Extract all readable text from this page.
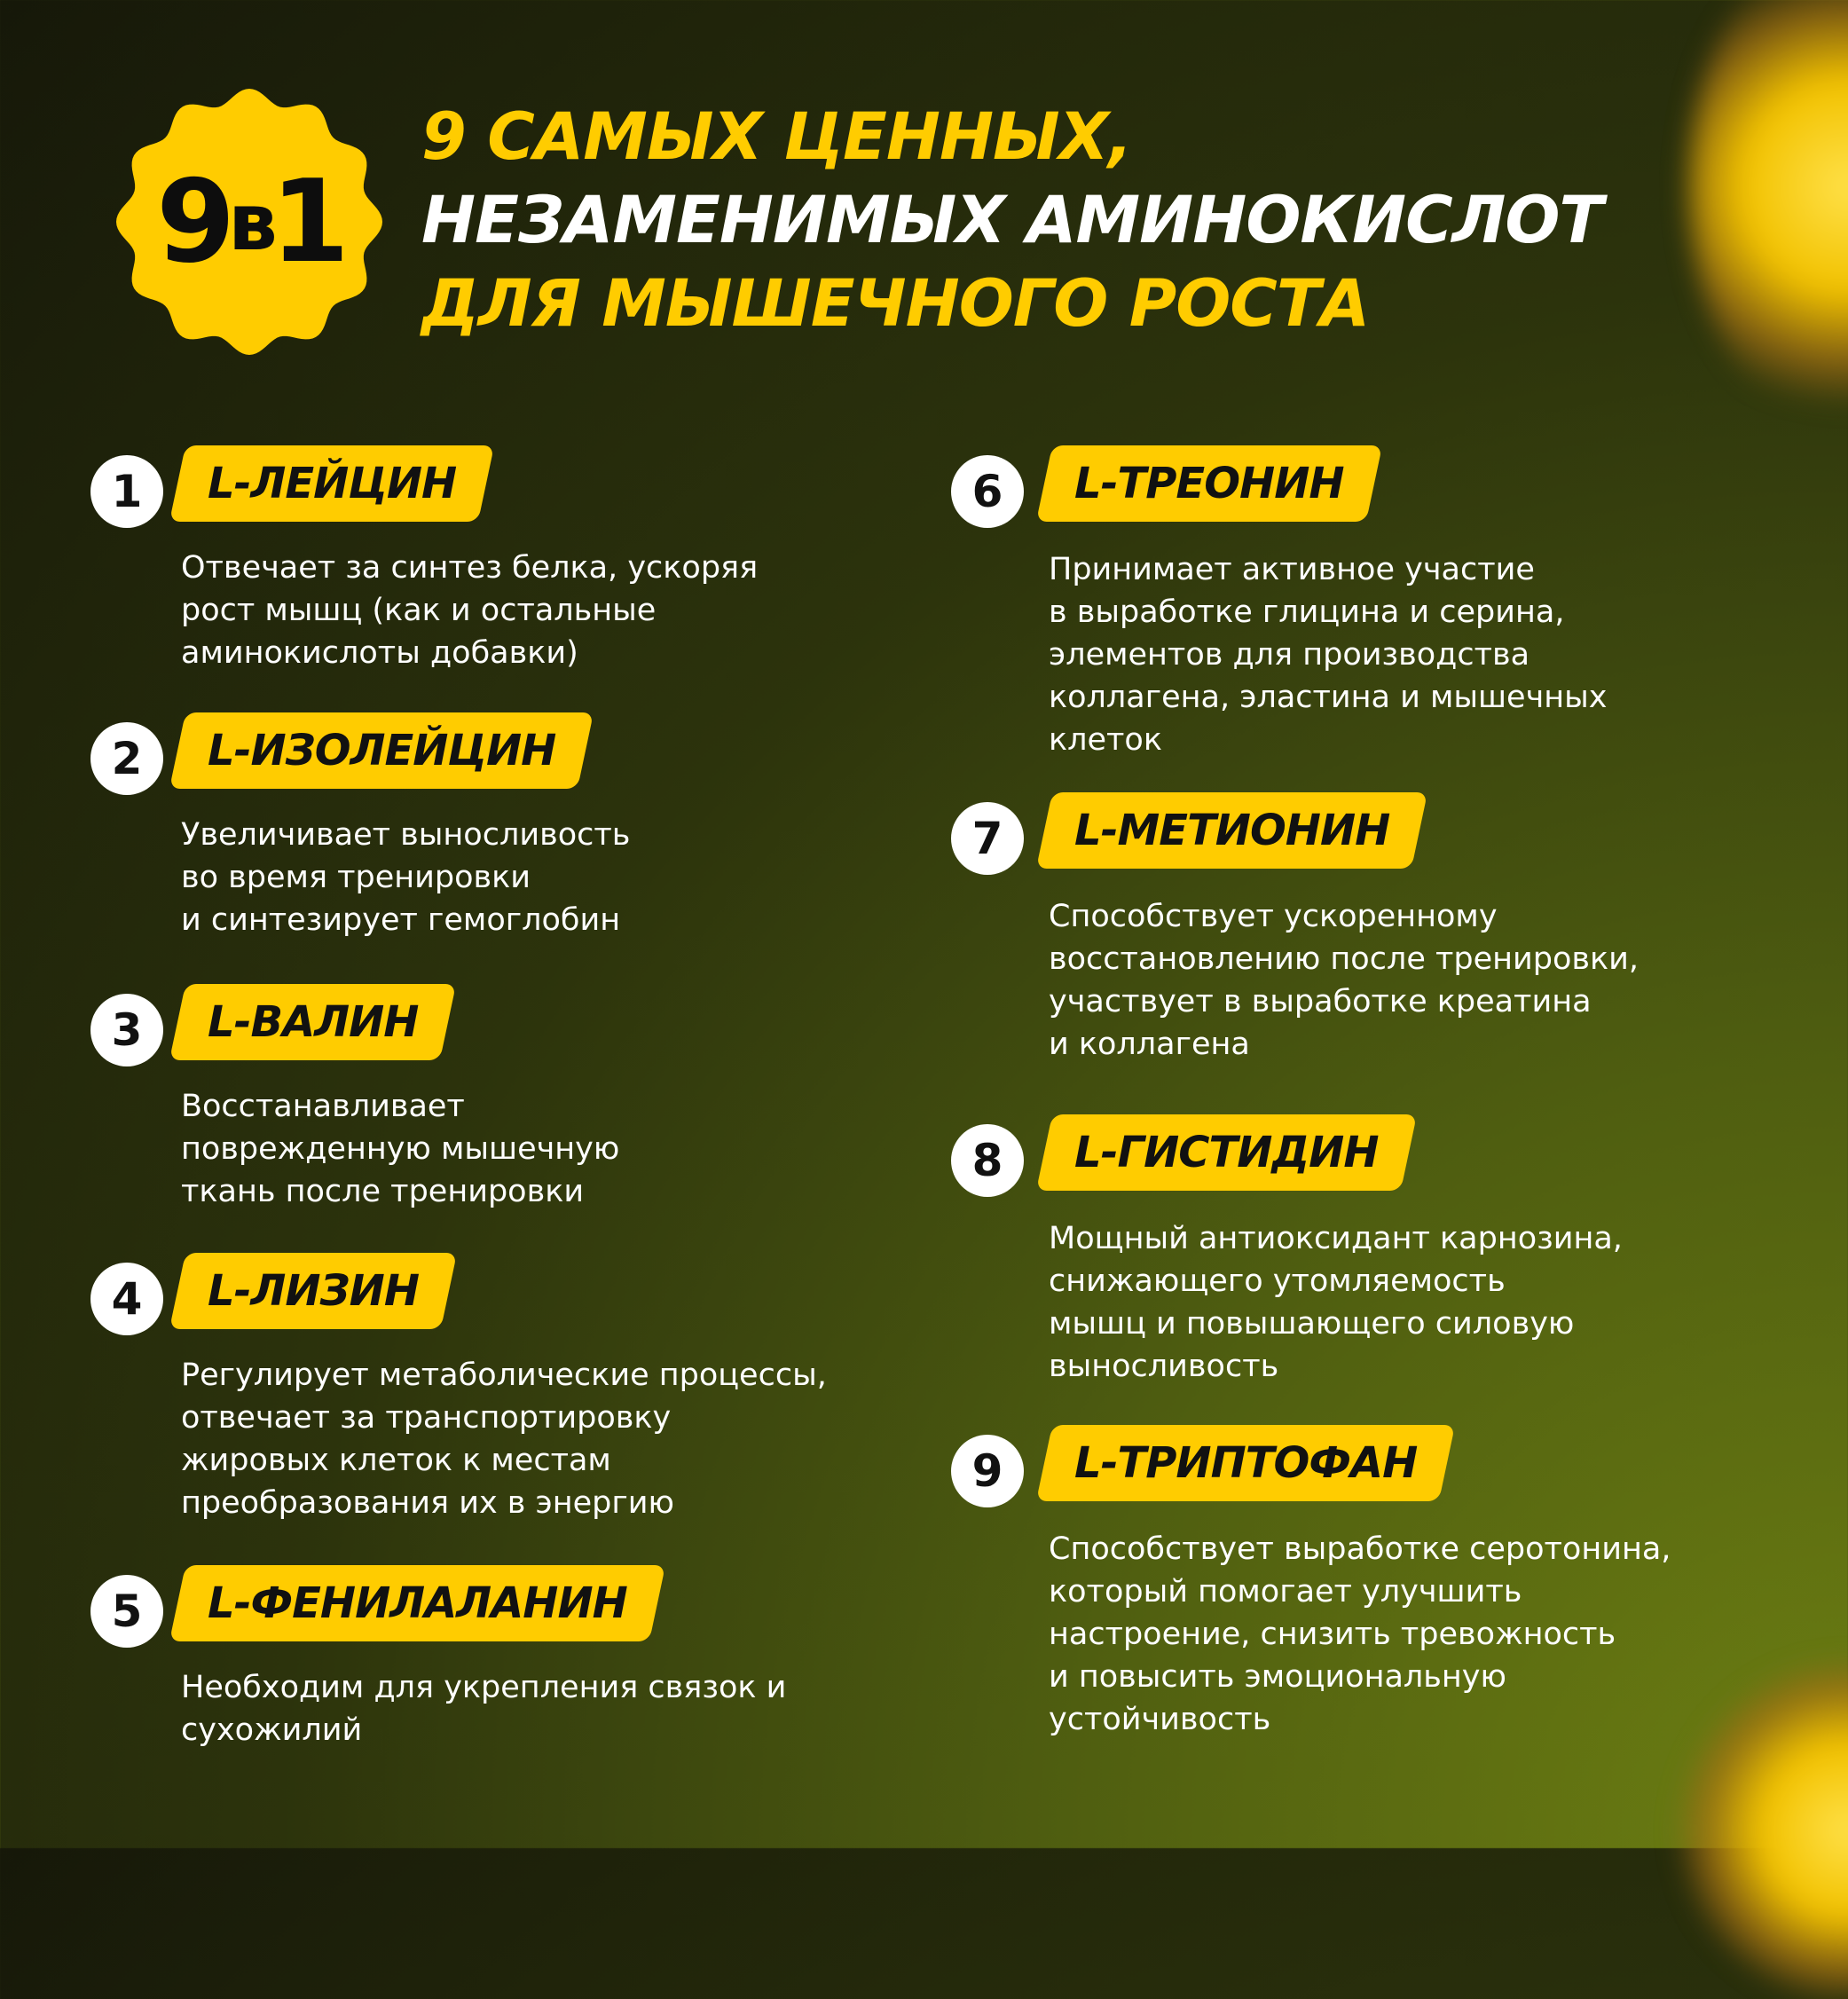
9 в 1
9 САМЫХ ЦЕННЫХ,
НЕЗАМЕНИМЫХ АМИНОКИСЛОТ
ДЛЯ МЫШЕЧНОГО РОСТА
1	L-ЛЕЙЦИН
Отвечает за синтез белка, ускоряя
рост мышц (как и остальные
аминокислоты добавки)
2	L-ИЗОЛЕЙЦИН
Увеличивает выносливость
во время тренировки
и синтезирует гемоглобин
3	L-ВАЛИН
Восстанавливает
поврежденную мышечную
ткань после тренировки
4	L-ЛИЗИН
Регулирует метаболические процессы,
отвечает за транспортировку
жировых клеток к местам
преобразования их в энергию
5	L-ФЕНИЛАЛАНИН
Необходим для укрепления связок и
сухожилий
6	L-ТРЕОНИН
Принимает активное участие
в выработке глицина и серина,
элементов для производства
коллагена, эластина и мышечных
клеток
7	L-МЕТИОНИН
Способствует ускоренному
восстановлению после тренировки,
участвует в выработке креатина
и коллагена
8	L-ГИСТИДИН
Мощный антиоксидант карнозина,
снижающего утомляемость
мышц и повышающего силовую
выносливость
9	L-ТРИПТОФАН
Способствует выработке серотонина,
который помогает улучшить
настроение, снизить тревожность
и повысить эмоциональную
устойчивость
